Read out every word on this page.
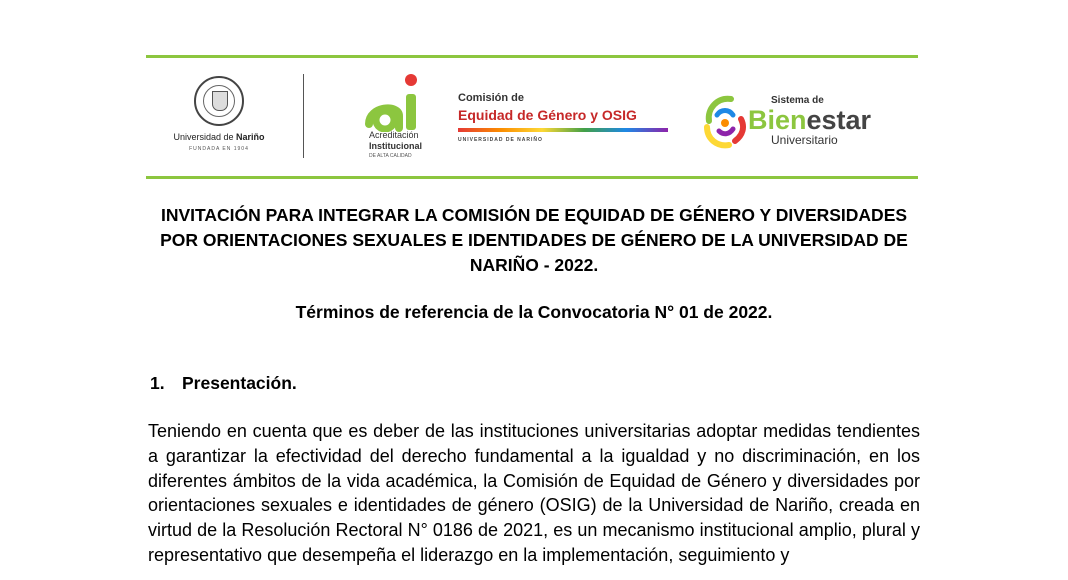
Universidad de Nariño
FUNDADA EN 1904
Acreditación
Institucional
DE ALTA CALIDAD
Comisión de
Equidad de Género y OSIG
UNIVERSIDAD DE NARIÑO
Sistema de
Bienestar
Universitario
INVITACIÓN PARA INTEGRAR LA COMISIÓN DE EQUIDAD DE GÉNERO Y DIVERSIDADES POR ORIENTACIONES SEXUALES E IDENTIDADES DE GÉNERO DE LA UNIVERSIDAD DE NARIÑO - 2022.
Términos de referencia de la Convocatoria N° 01 de 2022.
1. Presentación.
Teniendo en cuenta que es deber de las instituciones universitarias adoptar medidas tendientes a garantizar la efectividad del derecho fundamental a la igualdad y no discriminación, en los diferentes ámbitos de la vida académica, la Comisión de Equidad de Género y diversidades por orientaciones sexuales e identidades de género (OSIG) de la Universidad de Nariño, creada en virtud de la Resolución Rectoral N° 0186 de 2021, es un mecanismo institucional amplio, plural y representativo que desempeña el liderazgo en la implementación, seguimiento y
